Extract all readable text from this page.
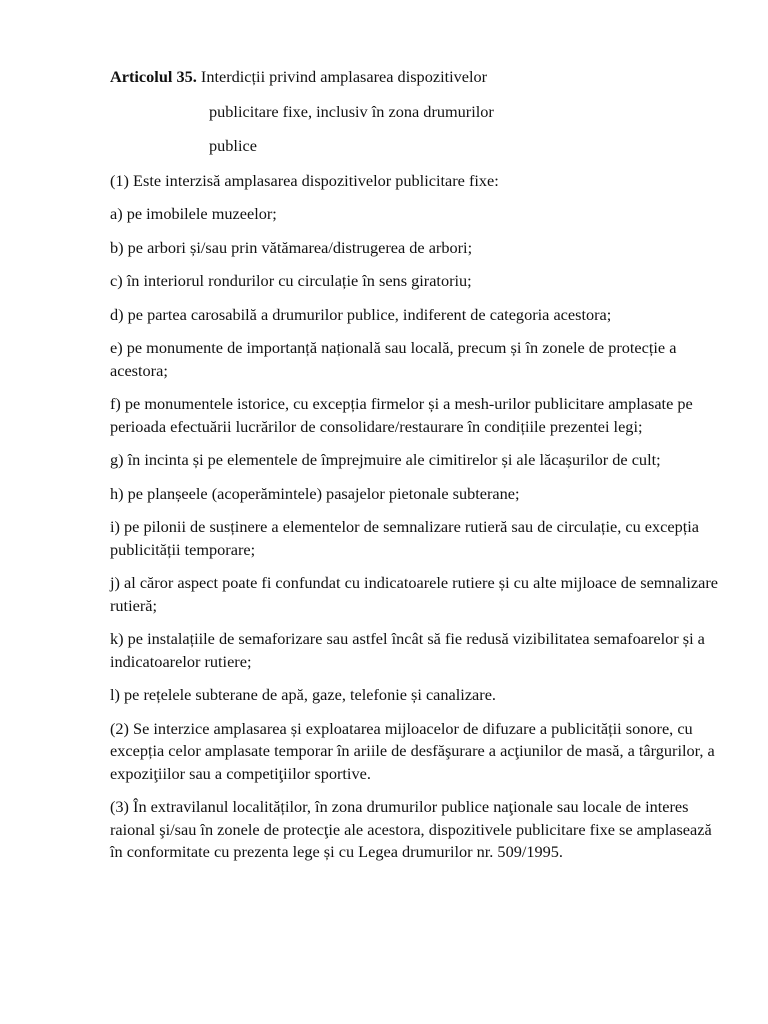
Articolul 35. Interdicții privind amplasarea dispozitivelor

publicitare fixe, inclusiv în zona drumurilor

publice

(1) Este interzisă amplasarea dispozitivelor publicitare fixe:

a) pe imobilele muzeelor;

b) pe arbori și/sau prin vătămarea/distrugerea de arbori;

c) în interiorul rondurilor cu circulație în sens giratoriu;

d) pe partea carosabilă a drumurilor publice, indiferent de categoria acestora;

e) pe monumente de importanță națională sau locală, precum și în zonele de protecție a acestora;

f) pe monumentele istorice, cu excepția firmelor și a mesh-urilor publicitare amplasate pe perioada efectuării lucrărilor de consolidare/restaurare în condițiile prezentei legi;

g) în incinta și pe elementele de împrejmuire ale cimitirelor și ale lăcașurilor de cult;

h) pe planșeele (acoperămintele) pasajelor pietonale subterane;

i) pe pilonii de susținere a elementelor de semnalizare rutieră sau de circulație, cu excepția publicității temporare;

j) al căror aspect poate fi confundat cu indicatoarele rutiere și cu alte mijloace de semnalizare rutieră;

k) pe instalațiile de semaforizare sau astfel încât să fie redusă vizibilitatea semafoarelor și a indicatoarelor rutiere;

l) pe rețelele subterane de apă, gaze, telefonie și canalizare.

(2) Se interzice amplasarea și exploatarea mijloacelor de difuzare a publicității sonore, cu excepția celor amplasate temporar în ariile de desfăşurare a acţiunilor de masă, a târgurilor, a expoziţiilor sau a competiţiilor sportive.

(3) În extravilanul localităților, în zona drumurilor publice naţionale sau locale de interes raional şi/sau în zonele de protecţie ale acestora, dispozitivele publicitare fixe se amplasează în conformitate cu prezenta lege și cu Legea drumurilor nr. 509/1995.
